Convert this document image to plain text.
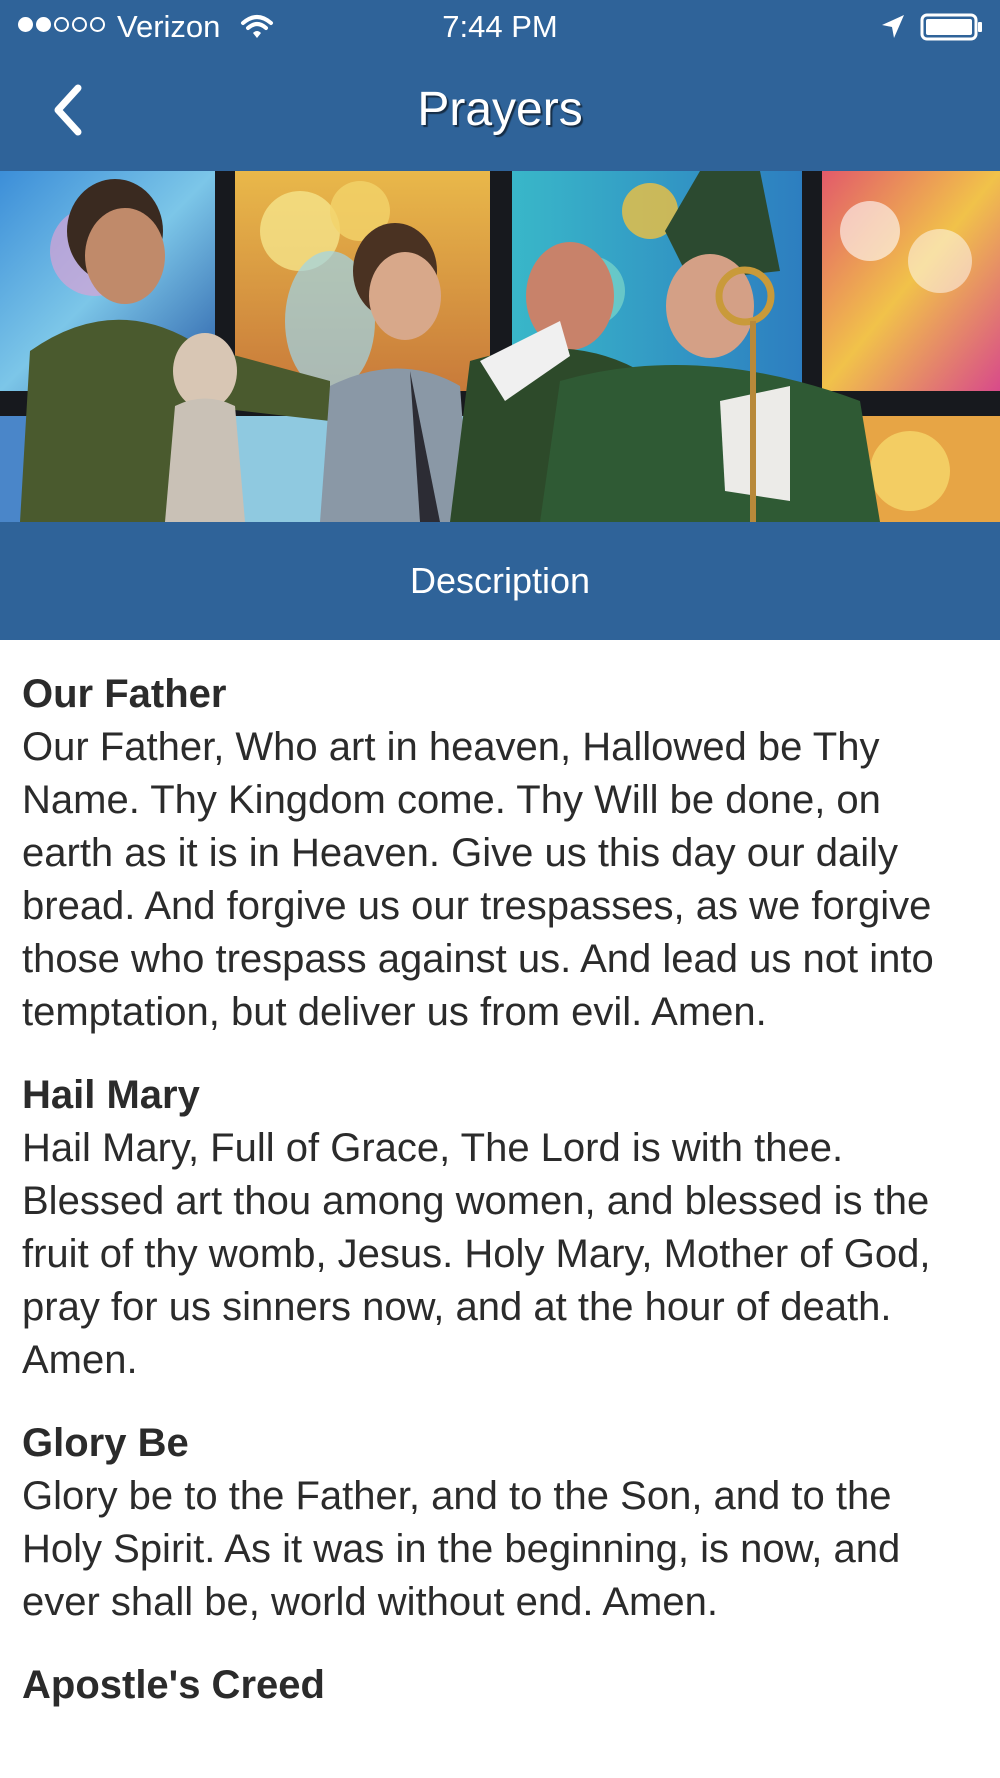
Verizon	7:44 PM
Prayers
Description

Our Father

Our Father, Who art in heaven, Hallowed be Thy Name. Thy Kingdom come. Thy Will be done, on earth as it is in Heaven. Give us this day our daily bread. And forgive us our trespasses, as we forgive those who trespass against us. And lead us not into temptation, but deliver us from evil. Amen.

Hail Mary

Hail Mary, Full of Grace, The Lord is with thee. Blessed art thou among women, and blessed is the fruit of thy womb, Jesus. Holy Mary, Mother of God, pray for us sinners now, and at the hour of death. Amen.

Glory Be

Glory be to the Father, and to the Son, and to the Holy Spirit. As it was in the beginning, is now, and ever shall be, world without end. Amen.

Apostle's Creed
